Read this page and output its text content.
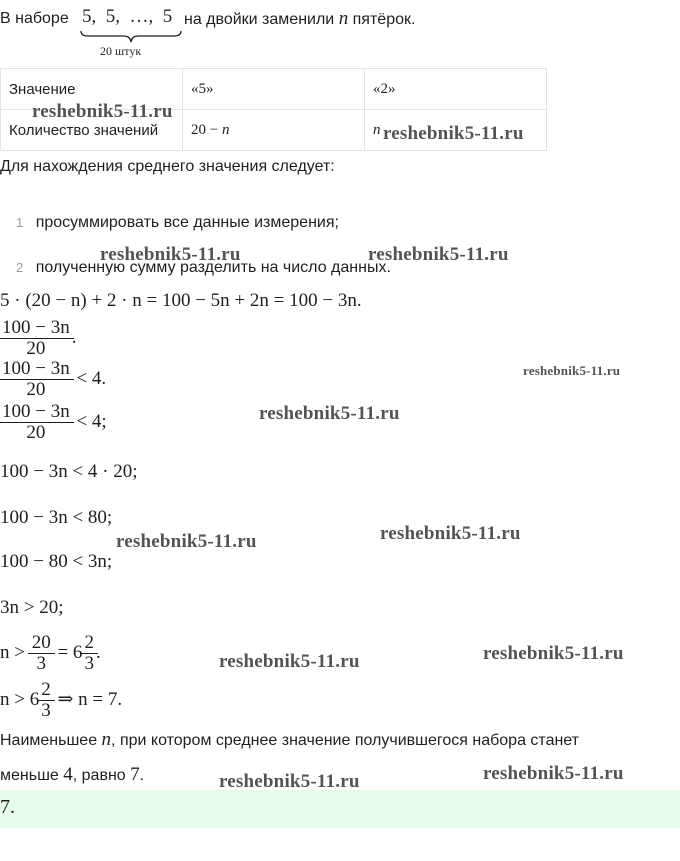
В наборе 5, 5, …, 5
20 штук
на двойки заменили n пятёрок.
Значение	«5»	«2»
Количество значений	20 − n	n
Для нахождения среднего значения следует:
1 просуммировать все данные измерения;
2 полученную сумму разделить на число данных.
5 · (20 − n) + 2 · n = 100 − 5n + 2n = 100 − 3n.
$\frac{100 - 3n}{20}$ .
$\frac{100 - 3n}{20} < 4$.
$\frac{100 - 3n}{20} < 4$;
100 − 3n < 4 · 20;
100 − 3n < 80;
100 − 80 < 3n;
3n > 20;
$n > \frac{20}{3} = 6 \frac{2}{3}$ .
$n > 6 \frac{2}{3}$ ⇒ n = 7.
Наименьшее n, при котором среднее значение получившегося набора станет
меньше 4, равно 7.
7.
reshebnik5-11.ru
reshebnik5-11.ru
reshebnik5-11.ru	reshebnik5-11.ru
reshebnik5-11.ru
reshebnik5-11.ru
reshebnik5-11.ru	reshebnik5-11.ru
reshebnik5-11.ru	reshebnik5-11.ru
reshebnik5-11.ru	reshebnik5-11.ru
